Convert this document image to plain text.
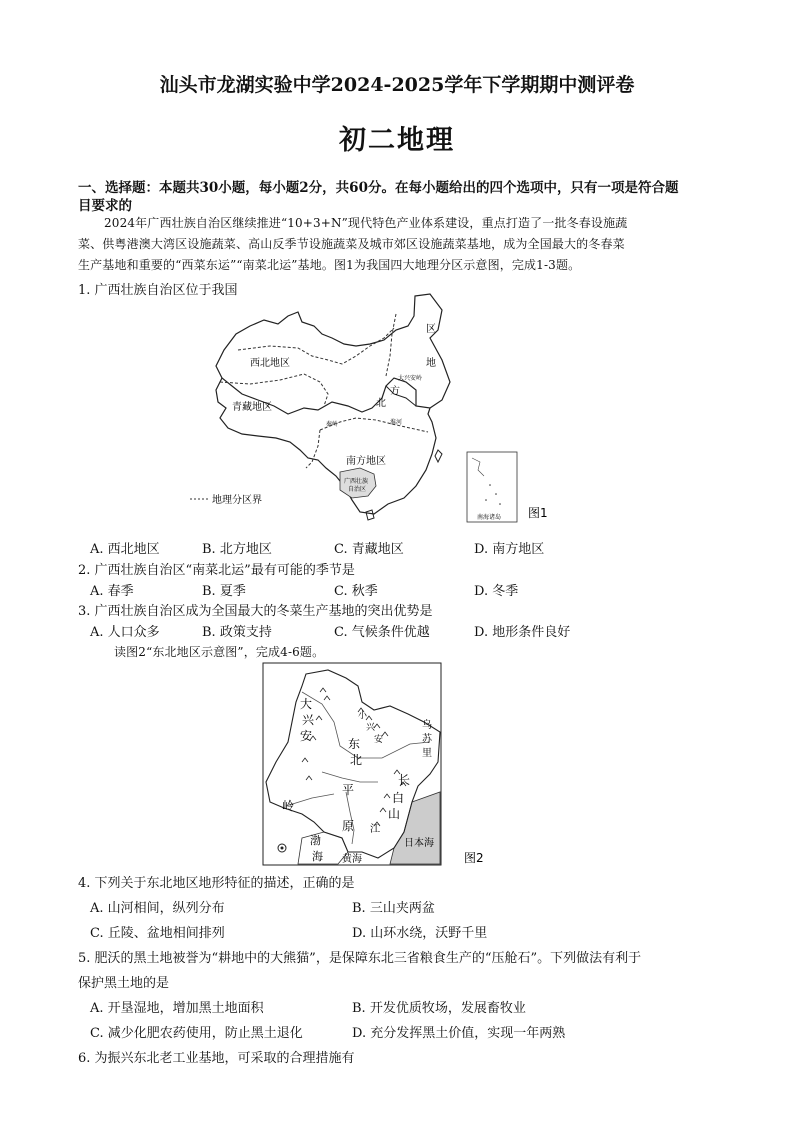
汕头市龙湖实验中学2024-2025学年下学期期中测评卷
初二地理
一、选择题：本题共30小题，每小题2分，共60分。在每小题给出的四个选项中，只有一项是符合题
目要求的
2024年广西壮族自治区继续推进“10+3+N”现代特色产业体系建设，重点打造了一批冬春设施蔬
菜、供粤港澳大湾区设施蔬菜、高山反季节设施蔬菜及城市郊区设施蔬菜基地，成为全国最大的冬春菜
生产基地和重要的“西菜东运”“南菜北运”基地。图1为我国四大地理分区示意图，完成1-3题。
1. 广西壮族自治区位于我国
西北地区
青藏地区
区
地
方
北
南方地区
广西壮族
自治区
秦岭	淮河
大兴安岭
地理分区界
南海诸岛 图1
A. 西北地区	B. 北方地区	C. 青藏地区	D. 南方地区
2. 广西壮族自治区“南菜北运”最有可能的季节是
A. 春季	B. 夏季	C. 秋季	D. 冬季
3. 广西壮族自治区成为全国最大的冬菜生产基地的突出优势是
A. 人口众多	B. 政策支持	C. 气候条件优越	D. 地形条件良好
读图2“东北地区示意图”，完成4-6题。
大
兴
安
岭
小
兴
安
东
北
平
原
长
白
山
江
乌
苏
里
渤
海 黄海
日本海
图2
4. 下列关于东北地区地形特征的描述，正确的是
A. 山河相间，纵列分布	B. 三山夹两盆
C. 丘陵、盆地相间排列	D. 山环水绕，沃野千里
5. 肥沃的黑土地被誉为“耕地中的大熊猫”，是保障东北三省粮食生产的“压舱石”。下列做法有利于
保护黑土地的是
A. 开垦湿地，增加黑土地面积	B. 开发优质牧场，发展畜牧业
C. 减少化肥农药使用，防止黑土退化	D. 充分发挥黑土价值，实现一年两熟
6. 为振兴东北老工业基地，可采取的合理措施有
